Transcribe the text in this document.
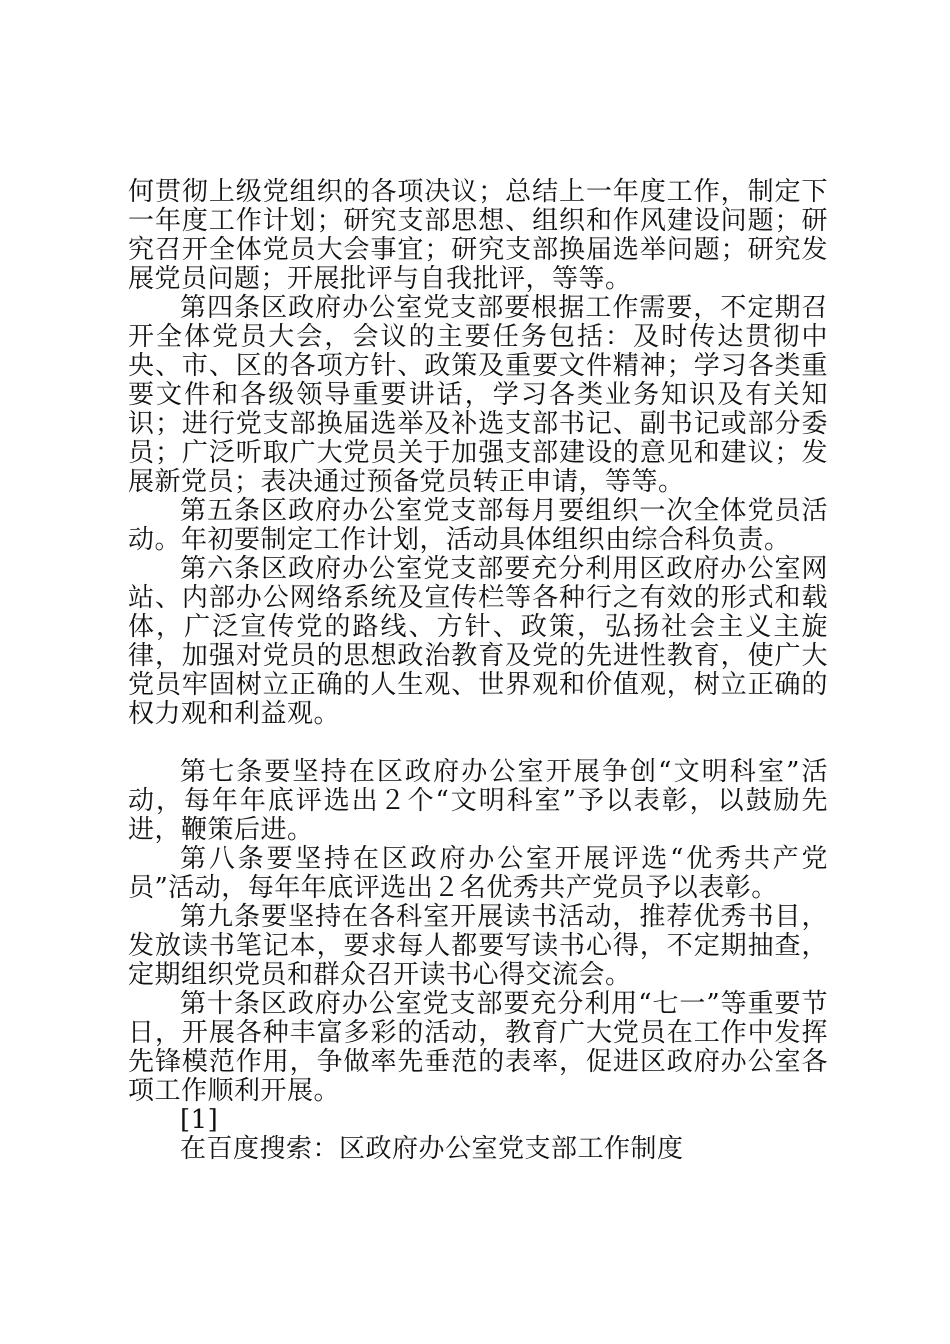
何贯彻上级党组织的各项决议；总结上一年度工作，制定下一年度工作计划；研究支部思想、组织和作风建设问题；研究召开全体党员大会事宜；研究支部换届选举问题；研究发展党员问题；开展批评与自我批评，等等。

第四条区政府办公室党支部要根据工作需要，不定期召开全体党员大会，会议的主要任务包括：及时传达贯彻中央、市、区的各项方针、政策及重要文件精神；学习各类重要文件和各级领导重要讲话，学习各类业务知识及有关知识；进行党支部换届选举及补选支部书记、副书记或部分委员；广泛听取广大党员关于加强支部建设的意见和建议；发展新党员；表决通过预备党员转正申请，等等。

第五条区政府办公室党支部每月要组织一次全体党员活动。年初要制定工作计划，活动具体组织由综合科负责。

第六条区政府办公室党支部要充分利用区政府办公室网站、内部办公网络系统及宣传栏等各种行之有效的形式和载体，广泛宣传党的路线、方针、政策，弘扬社会主义主旋律，加强对党员的思想政治教育及党的先进性教育，使广大党员牢固树立正确的人生观、世界观和价值观，树立正确的权力观和利益观。

第七条要坚持在区政府办公室开展争创“文明科室”活动，每年年底评选出２个“文明科室”予以表彰，以鼓励先进，鞭策后进。

第八条要坚持在区政府办公室开展评选“优秀共产党员”活动，每年年底评选出２名优秀共产党员予以表彰。

第九条要坚持在各科室开展读书活动，推荐优秀书目，发放读书笔记本，要求每人都要写读书心得，不定期抽查，定期组织党员和群众召开读书心得交流会。

第十条区政府办公室党支部要充分利用“七一”等重要节日，开展各种丰富多彩的活动，教育广大党员在工作中发挥先锋模范作用，争做率先垂范的表率，促进区政府办公室各项工作顺利开展。

[1]

在百度搜索：区政府办公室党支部工作制度
